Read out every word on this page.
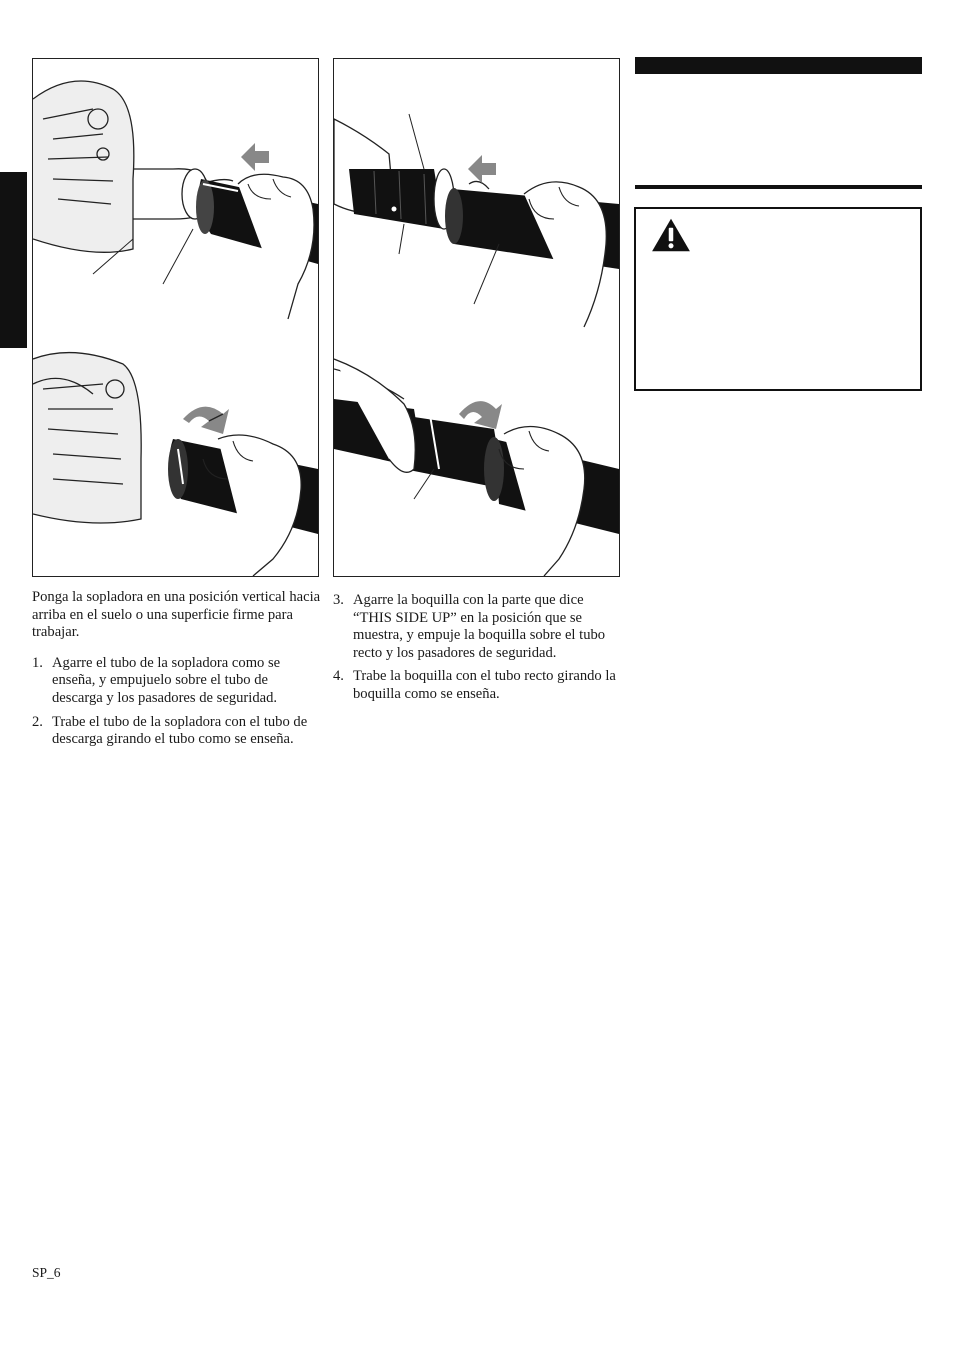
Ponga la sopladora en una posición vertical hacia arriba en el suelo o una superficie firme para trabajar.

1. Agarre el tubo de la sopladora como se enseña, y empujuelo sobre el tubo de descarga y los pasadores de seguridad.
2. Trabe el tubo de la sopladora con el tubo de descarga girando el tubo como se enseña.
3. Agarre la boquilla con la parte que dice “THIS SIDE UP” en la posición que se muestra, y empuje la boquilla sobre el tubo recto y los pasadores de seguridad.
4. Trabe la boquilla con el tubo recto girando la boquilla como se enseña.
SP_6
